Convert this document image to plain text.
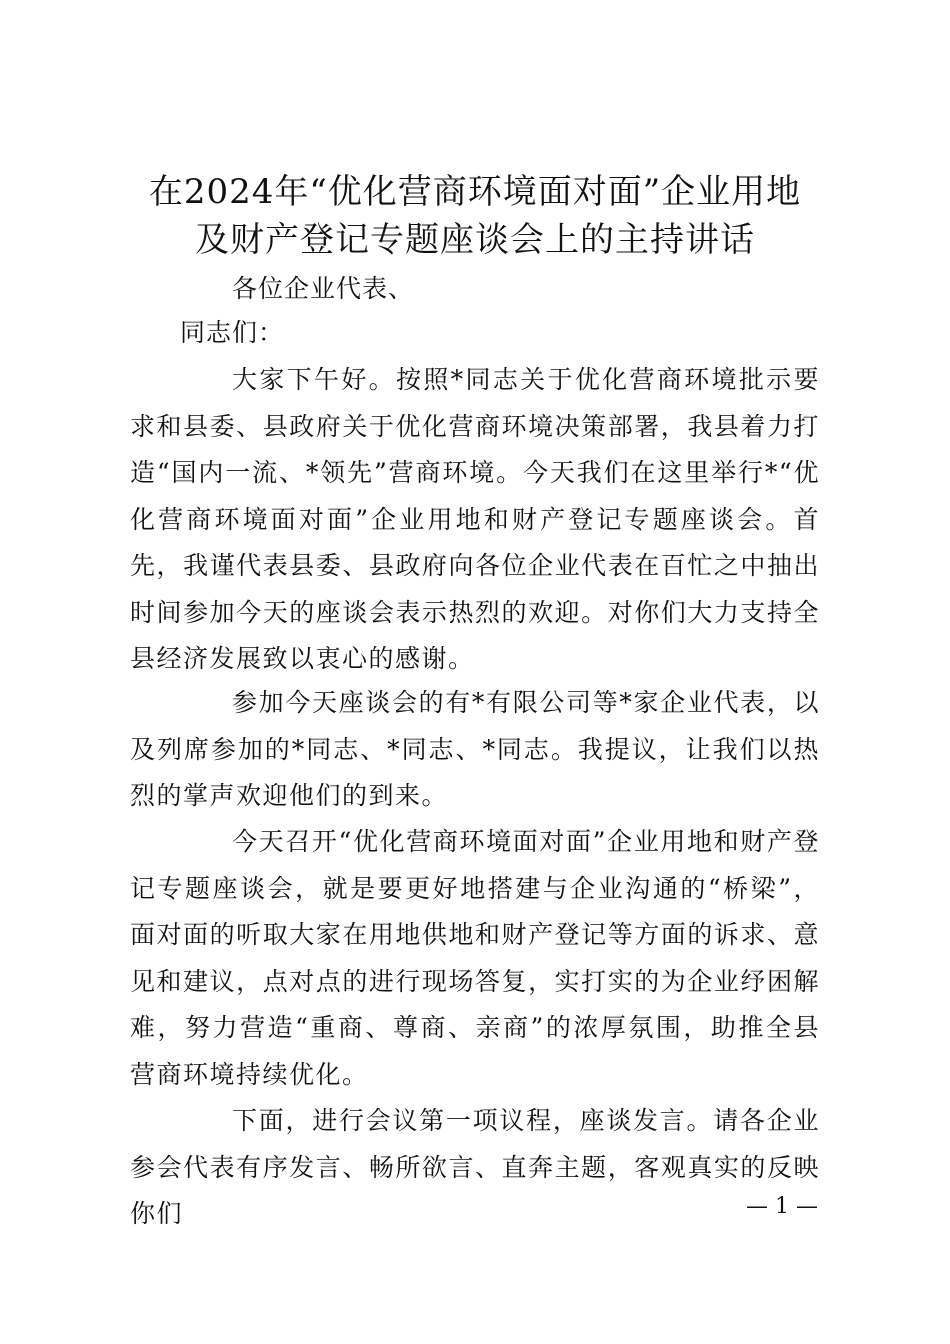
在2024年“优化营商环境面对面”企业用地
及财产登记专题座谈会上的主持讲话

各位企业代表、

同志们：

大家下午好。按照*同志关于优化营商环境批示要求和县委、县政府关于优化营商环境决策部署，我县着力打造“国内一流、*领先”营商环境。今天我们在这里举行*“优化营商环境面对面”企业用地和财产登记专题座谈会。首先，我谨代表县委、县政府向各位企业代表在百忙之中抽出时间参加今天的座谈会表示热烈的欢迎。对你们大力支持全县经济发展致以衷心的感谢。

参加今天座谈会的有*有限公司等*家企业代表，以及列席参加的*同志、*同志、*同志。我提议，让我们以热烈的掌声欢迎他们的到来。

今天召开“优化营商环境面对面”企业用地和财产登记专题座谈会，就是要更好地搭建与企业沟通的“桥梁”，面对面的听取大家在用地供地和财产登记等方面的诉求、意见和建议，点对点的进行现场答复，实打实的为企业纾困解难，努力营造“重商、尊商、亲商”的浓厚氛围，助推全县营商环境持续优化。

下面，进行会议第一项议程，座谈发言。请各企业参会代表有序发言、畅所欲言、直奔主题，客观真实的反映你们	— 1 —
